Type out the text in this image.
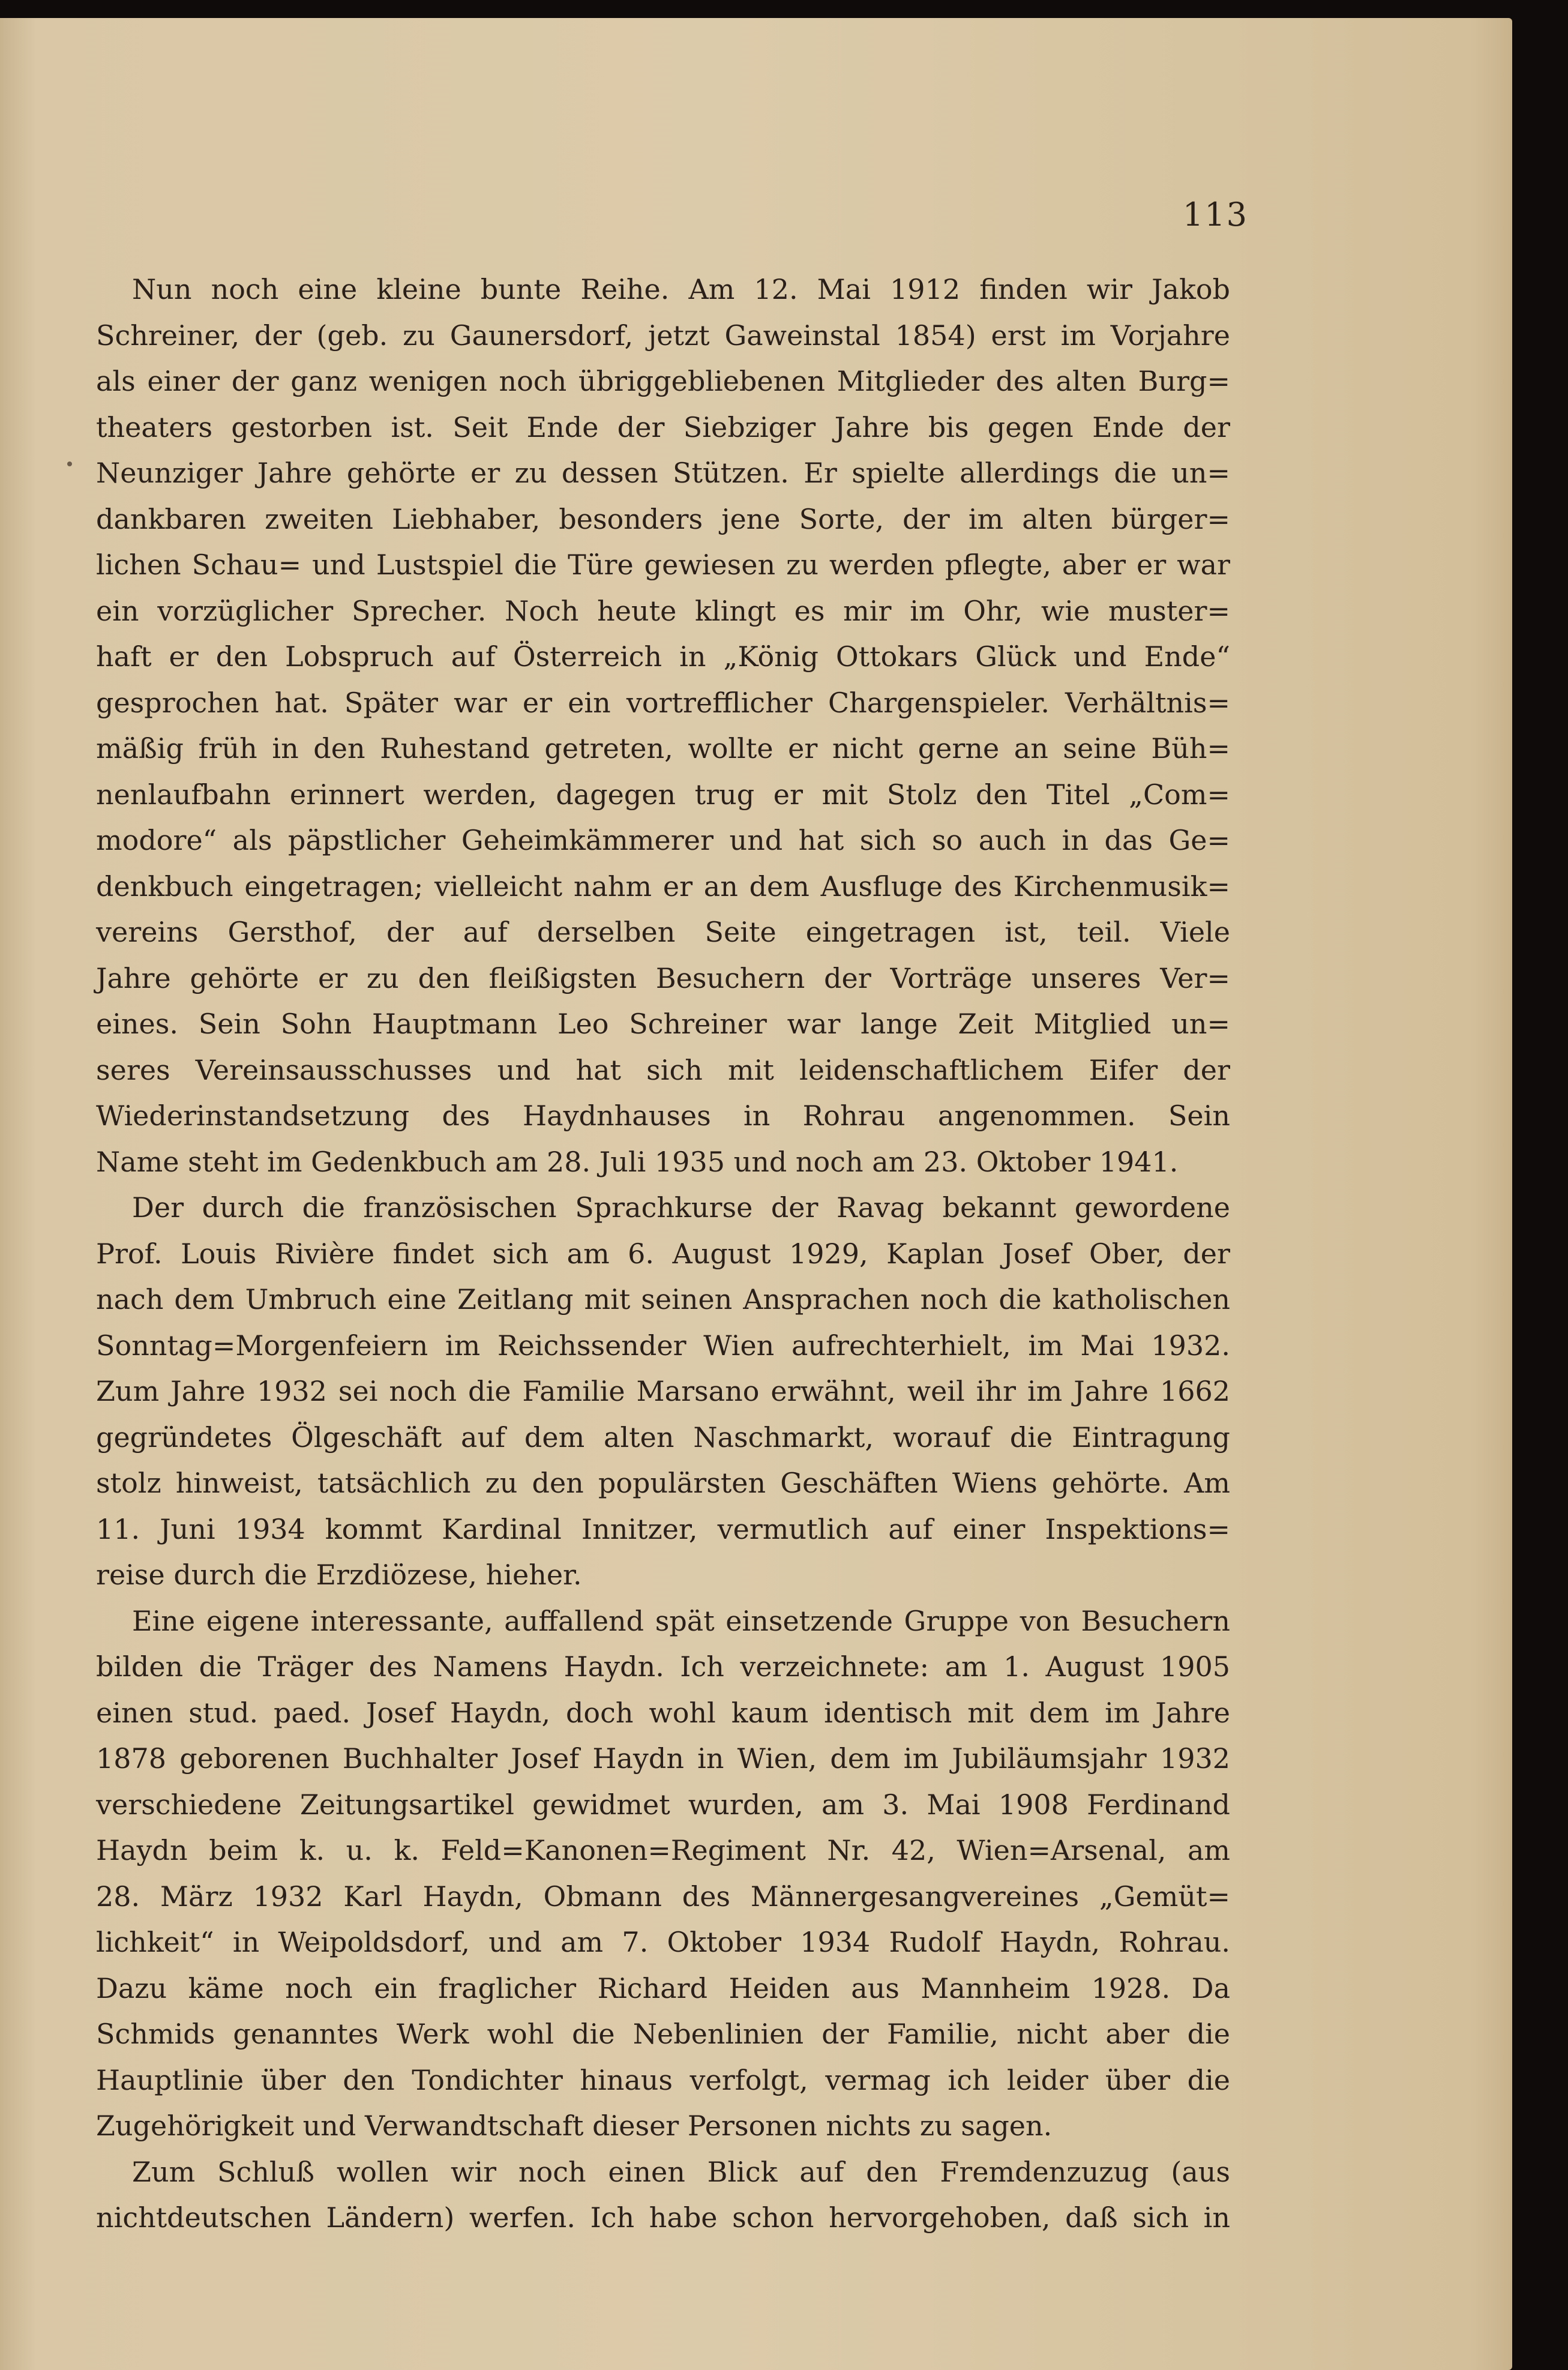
113
Nun noch eine kleine bunte Reihe. Am 12. Mai 1912 finden wir Jakob
Schreiner, der (geb. zu Gaunersdorf, jetzt Gaweinstal 1854) erst im Vorjahre
als einer der ganz wenigen noch übriggebliebenen Mitglieder des alten Burg=
theaters gestorben ist. Seit Ende der Siebziger Jahre bis gegen Ende der
Neunziger Jahre gehörte er zu dessen Stützen. Er spielte allerdings die un=
dankbaren zweiten Liebhaber, besonders jene Sorte, der im alten bürger=
lichen Schau= und Lustspiel die Türe gewiesen zu werden pflegte, aber er war
ein vorzüglicher Sprecher. Noch heute klingt es mir im Ohr, wie muster=
haft er den Lobspruch auf Österreich in „König Ottokars Glück und Ende“
gesprochen hat. Später war er ein vortrefflicher Chargenspieler. Verhältnis=
mäßig früh in den Ruhestand getreten, wollte er nicht gerne an seine Büh=
nenlaufbahn erinnert werden, dagegen trug er mit Stolz den Titel „Com=
modore“ als päpstlicher Geheimkämmerer und hat sich so auch in das Ge=
denkbuch eingetragen; vielleicht nahm er an dem Ausfluge des Kirchenmusik=
vereins Gersthof, der auf derselben Seite eingetragen ist, teil. Viele
Jahre gehörte er zu den fleißigsten Besuchern der Vorträge unseres Ver=
eines. Sein Sohn Hauptmann Leo Schreiner war lange Zeit Mitglied un=
seres Vereinsausschusses und hat sich mit leidenschaftlichem Eifer der
Wiederinstandsetzung des Haydnhauses in Rohrau angenommen. Sein
Name steht im Gedenkbuch am 28. Juli 1935 und noch am 23. Oktober 1941.
Der durch die französischen Sprachkurse der Ravag bekannt gewordene
Prof. Louis Rivière findet sich am 6. August 1929, Kaplan Josef Ober, der
nach dem Umbruch eine Zeitlang mit seinen Ansprachen noch die katholischen
Sonntag=Morgenfeiern im Reichssender Wien aufrechterhielt, im Mai 1932.
Zum Jahre 1932 sei noch die Familie Marsano erwähnt, weil ihr im Jahre 1662
gegründetes Ölgeschäft auf dem alten Naschmarkt, worauf die Eintragung
stolz hinweist, tatsächlich zu den populärsten Geschäften Wiens gehörte. Am
11. Juni 1934 kommt Kardinal Innitzer, vermutlich auf einer Inspektions=
reise durch die Erzdiözese, hieher.
Eine eigene interessante, auffallend spät einsetzende Gruppe von Besuchern
bilden die Träger des Namens Haydn. Ich verzeichnete: am 1. August 1905
einen stud. paed. Josef Haydn, doch wohl kaum identisch mit dem im Jahre
1878 geborenen Buchhalter Josef Haydn in Wien, dem im Jubiläumsjahr 1932
verschiedene Zeitungsartikel gewidmet wurden, am 3. Mai 1908 Ferdinand
Haydn beim k. u. k. Feld=Kanonen=Regiment Nr. 42, Wien=Arsenal, am
28. März 1932 Karl Haydn, Obmann des Männergesangvereines „Gemüt=
lichkeit“ in Weipoldsdorf, und am 7. Oktober 1934 Rudolf Haydn, Rohrau.
Dazu käme noch ein fraglicher Richard Heiden aus Mannheim 1928. Da
Schmids genanntes Werk wohl die Nebenlinien der Familie, nicht aber die
Hauptlinie über den Tondichter hinaus verfolgt, vermag ich leider über die
Zugehörigkeit und Verwandtschaft dieser Personen nichts zu sagen.
Zum Schluß wollen wir noch einen Blick auf den Fremdenzuzug (aus
nichtdeutschen Ländern) werfen. Ich habe schon hervorgehoben, daß sich in
